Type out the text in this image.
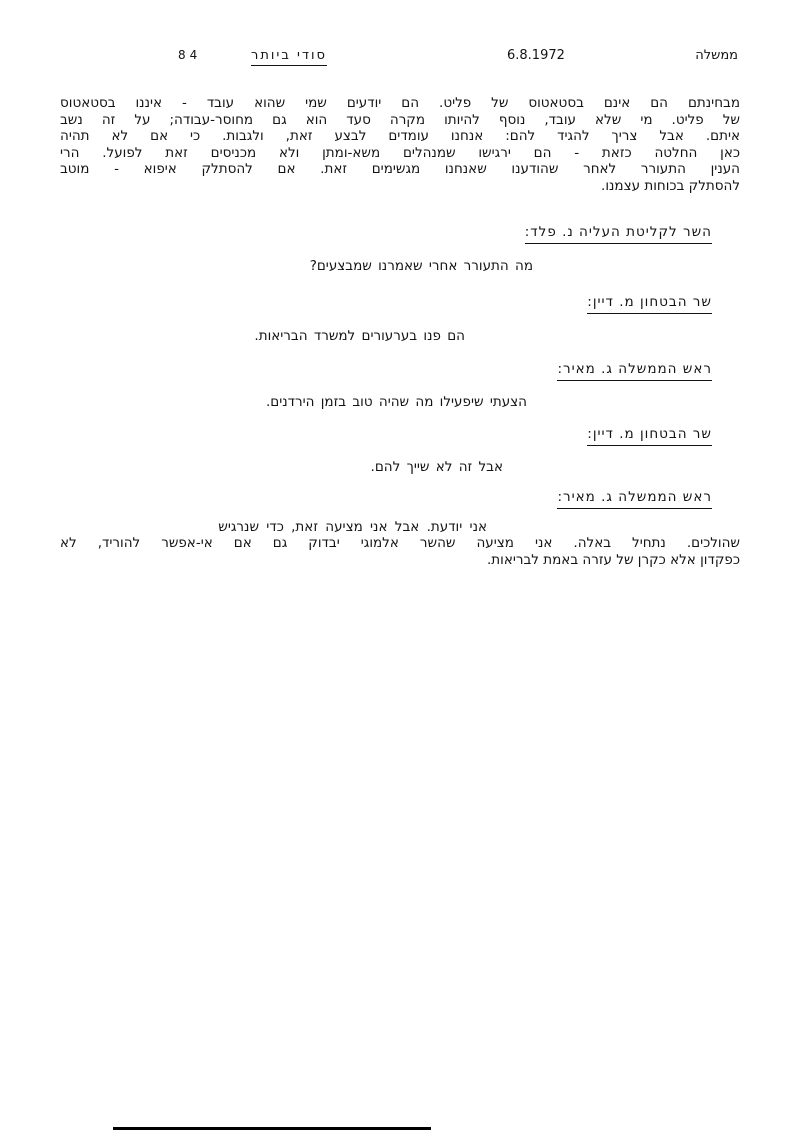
ממשלה
6.8.1972
סודי ביותר
84
מבחינתם הם אינם בסטאטוס של פליט. הם יודעים שמי שהוא עובד - איננו בסטאטוס
של פליט. מי שלא עובד, נוסף להיותו מקרה סעד הוא גם מחוסר-עבודה; על זה נשב
איתם. אבל צריך להגיד להם: אנחנו עומדים לבצע זאת, ולגבות. כי אם לא תהיה
כאן החלטה כזאת - הם ירגישו שמנהלים משא-ומתן ולא מכניסים זאת לפועל. הרי
הענין התעורר לאחר שהודענו שאנחנו מגשימים זאת. אם להסתלק איפוא - מוטב
להסתלק בכוחות עצמנו.
השר לקליטת העליה נ. פלד:
מה התעורר אחרי שאמרנו שמבצעים?
שר הבטחון מ. דיין:
הם פנו בערעורים למשרד הבריאות.
ראש הממשלה ג. מאיר:
הצעתי שיפעילו מה שהיה טוב בזמן הירדנים.
שר הבטחון מ. דיין:
אבל זה לא שייך להם.
ראש הממשלה ג. מאיר:
אני יודעת. אבל אני מציעה זאת, כדי שנרגיש
שהולכים. נתחיל באלה. אני מציעה שהשר אלמוגי יבדוק גם אם אי-אפשר להוריד, לא
כפקדון אלא כקרן של עזרה באמת לבריאות.
